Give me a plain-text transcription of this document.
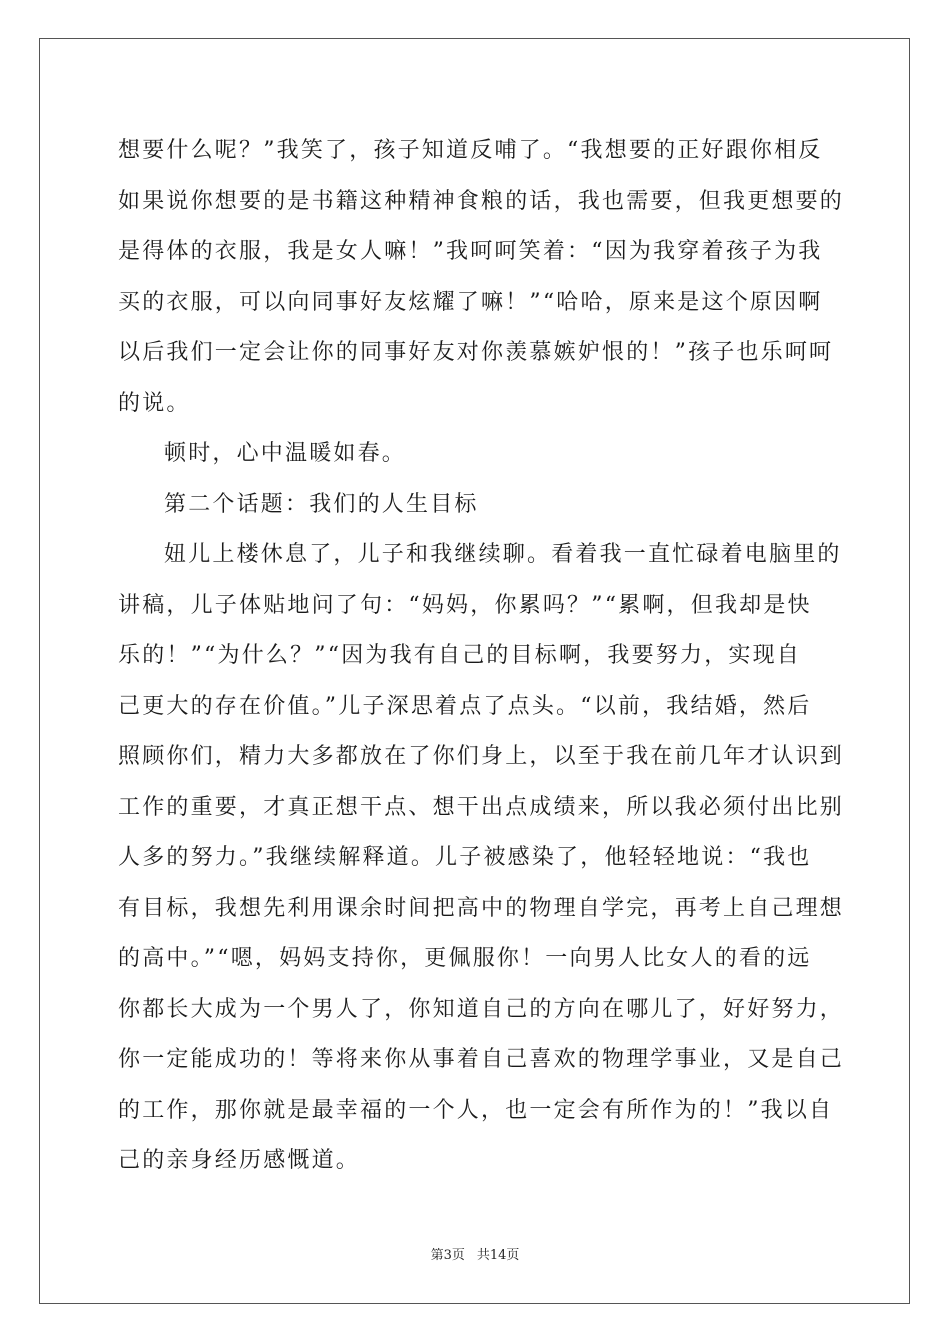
想要什么呢？”我笑了，孩子知道反哺了。“我想要的正好跟你相反
如果说你想要的是书籍这种精神食粮的话，我也需要，但我更想要的
是得体的衣服，我是女人嘛！”我呵呵笑着：“因为我穿着孩子为我
买的衣服，可以向同事好友炫耀了嘛！”“哈哈，原来是这个原因啊
以后我们一定会让你的同事好友对你羡慕嫉妒恨的！”孩子也乐呵呵
的说。
顿时，心中温暖如春。
第二个话题：我们的人生目标
妞儿上楼休息了，儿子和我继续聊。看着我一直忙碌着电脑里的
讲稿，儿子体贴地问了句：“妈妈，你累吗？”“累啊，但我却是快
乐的！”“为什么？”“因为我有自己的目标啊，我要努力，实现自
己更大的存在价值。”儿子深思着点了点头。“以前，我结婚，然后
照顾你们，精力大多都放在了你们身上，以至于我在前几年才认识到
工作的重要，才真正想干点、想干出点成绩来，所以我必须付出比别
人多的努力。”我继续解释道。儿子被感染了，他轻轻地说：“我也
有目标，我想先利用课余时间把高中的物理自学完，再考上自己理想
的高中。”“嗯，妈妈支持你，更佩服你！一向男人比女人的看的远
你都长大成为一个男人了，你知道自己的方向在哪儿了，好好努力，
你一定能成功的！等将来你从事着自己喜欢的物理学事业，又是自己
的工作，那你就是最幸福的一个人，也一定会有所作为的！”我以自
己的亲身经历感慨道。
第3页 共14页
